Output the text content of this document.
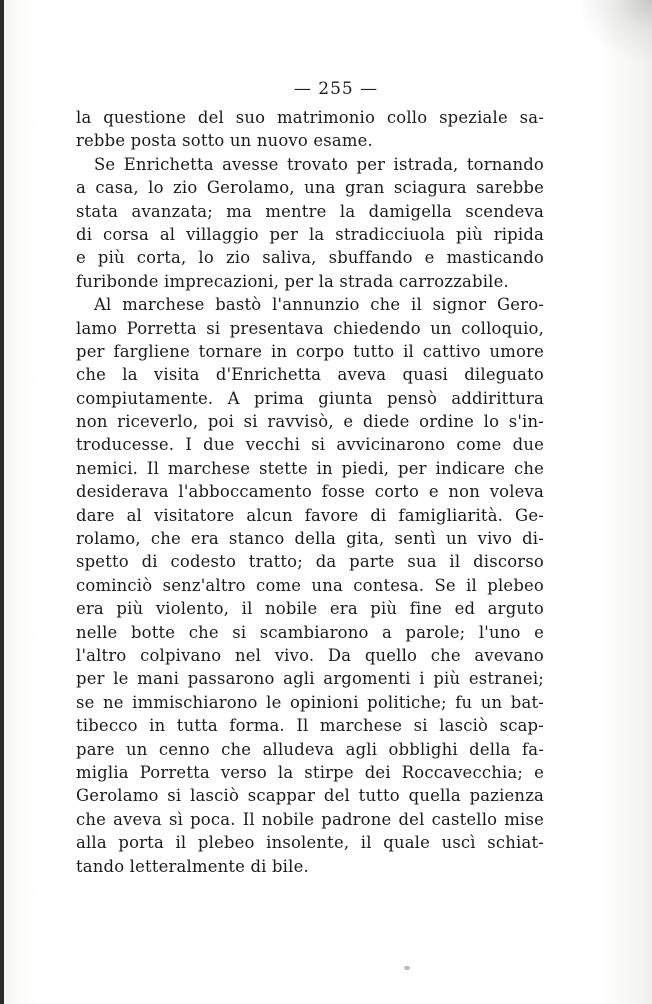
— 255 —
la questione del suo matrimonio collo speziale sa-
rebbe posta sotto un nuovo esame.
Se Enrichetta avesse trovato per istrada, tornando
a casa, lo zio Gerolamo, una gran sciagura sarebbe
stata avanzata; ma mentre la damigella scendeva
di corsa al villaggio per la stradicciuola più ripida
e più corta, lo zio saliva, sbuffando e masticando
furibonde imprecazioni, per la strada carrozzabile.
Al marchese bastò l'annunzio che il signor Gero-
lamo Porretta si presentava chiedendo un colloquio,
per fargliene tornare in corpo tutto il cattivo umore
che la visita d'Enrichetta aveva quasi dileguato
compiutamente. A prima giunta pensò addirittura
non riceverlo, poi si ravvisò, e diede ordine lo s'in-
troducesse. I due vecchi si avvicinarono come due
nemici. Il marchese stette in piedi, per indicare che
desiderava l'abboccamento fosse corto e non voleva
dare al visitatore alcun favore di famigliarità. Ge-
rolamo, che era stanco della gita, sentì un vivo di-
spetto di codesto tratto; da parte sua il discorso
cominciò senz'altro come una contesa. Se il plebeo
era più violento, il nobile era più fine ed arguto
nelle botte che si scambiarono a parole; l'uno e
l'altro colpivano nel vivo. Da quello che avevano
per le mani passarono agli argomenti i più estranei;
se ne immischiarono le opinioni politiche; fu un bat-
tibecco in tutta forma. Il marchese si lasciò scap-
pare un cenno che alludeva agli obblighi della fa-
miglia Porretta verso la stirpe dei Roccavecchia; e
Gerolamo si lasciò scappar del tutto quella pazienza
che aveva sì poca. Il nobile padrone del castello mise
alla porta il plebeo insolente, il quale uscì schiat-
tando letteralmente di bile.
